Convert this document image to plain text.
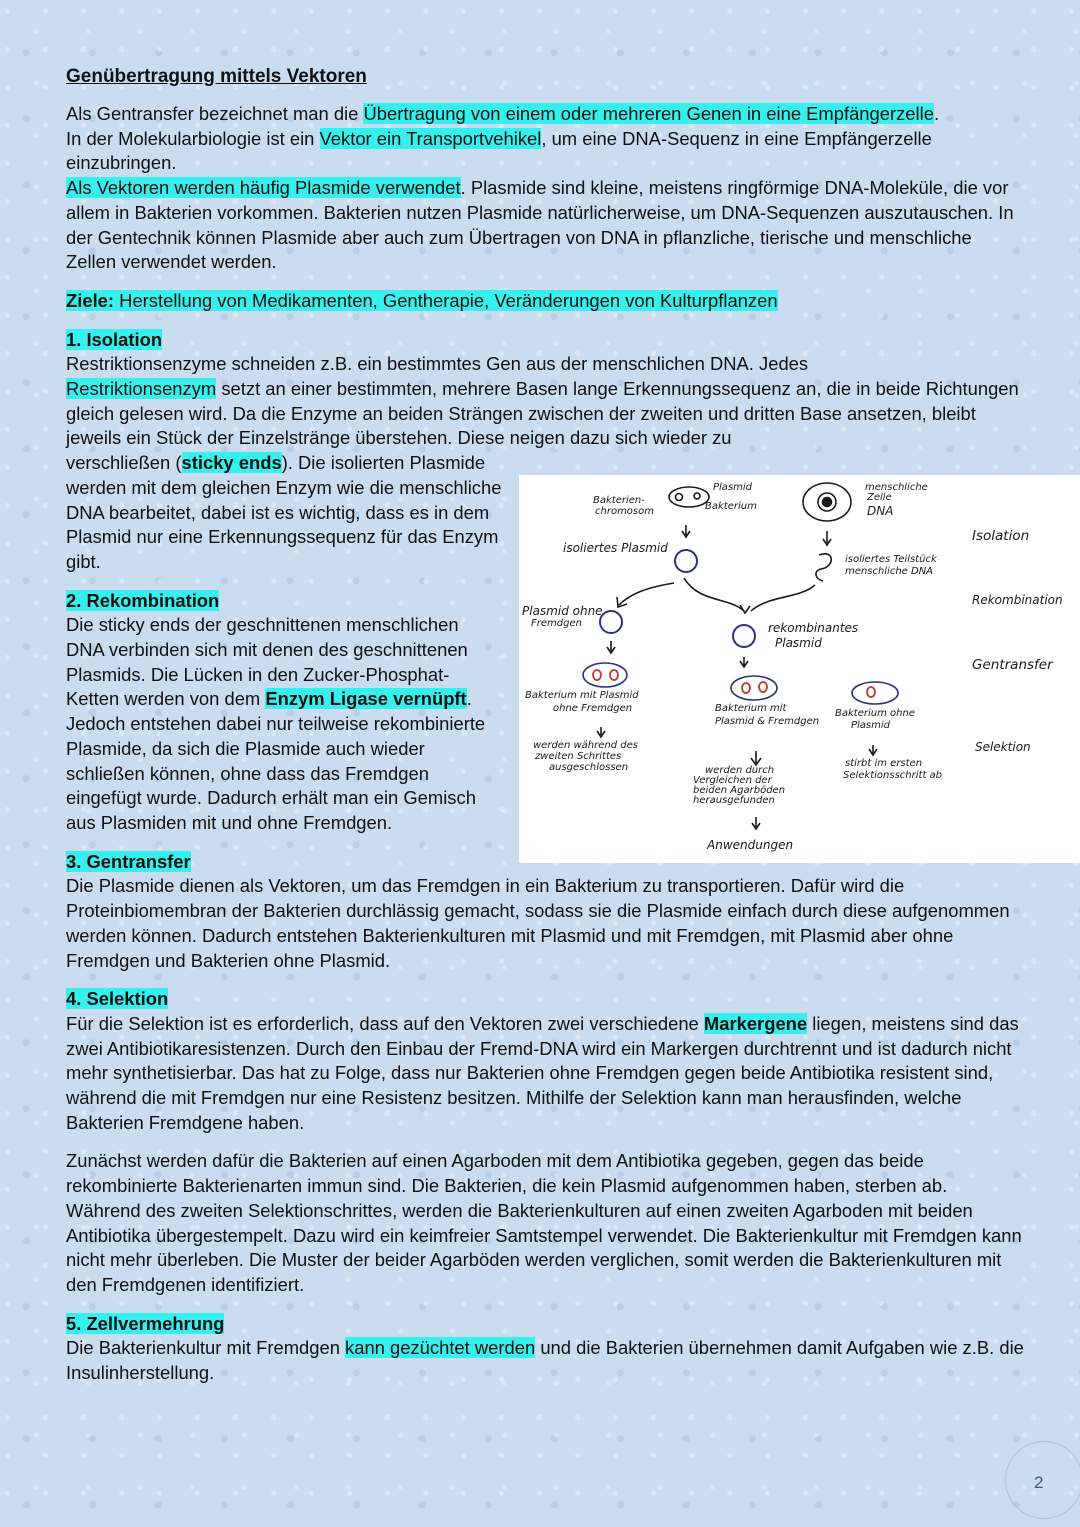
Genübertragung mittels Vektoren

Als Gentransfer bezeichnet man die Übertragung von einem oder mehreren Genen in eine Empfängerzelle.
In der Molekularbiologie ist ein Vektor ein Transportvehikel, um eine DNA-Sequenz in eine Empfängerzelle einzubringen.
Als Vektoren werden häufig Plasmide verwendet. Plasmide sind kleine, meistens ringförmige DNA-Moleküle, die vor allem in Bakterien vorkommen. Bakterien nutzen Plasmide natürlicherweise, um DNA-Sequenzen auszutauschen. In der Gentechnik können Plasmide aber auch zum Übertragen von DNA in pflanzliche, tierische und menschliche Zellen verwendet werden.

Ziele: Herstellung von Medikamenten, Gentherapie, Veränderungen von Kulturpflanzen

1. Isolation

Restriktionsenzyme schneiden z.B. ein bestimmtes Gen aus der menschlichen DNA. Jedes
Restriktionsenzym setzt an einer bestimmten, mehrere Basen lange Erkennungssequenz an, die in beide Richtungen gleich gelesen wird. Da die Enzyme an beiden Strängen zwischen der zweiten und dritten Base ansetzen, bleibt jeweils ein Stück der Einzelstränge überstehen. Diese neigen dazu sich wieder zu

verschließen (sticky ends). Die isolierten Plasmide werden mit dem gleichen Enzym wie die menschliche DNA bearbeitet, dabei ist es wichtig, dass es in dem Plasmid nur eine Erkennungssequenz für das Enzym gibt.

2. Rekombination

Die sticky ends der geschnittenen menschlichen DNA verbinden sich mit denen des geschnittenen Plasmids. Die Lücken in den Zucker-Phosphat-Ketten werden von dem Enzym Ligase vernüpft. Jedoch entstehen dabei nur teilweise rekombinierte Plasmide, da sich die Plasmide auch wieder schließen können, ohne dass das Fremdgen eingefügt wurde. Dadurch erhält man ein Gemisch aus Plasmiden mit und ohne Fremdgen.

3. Gentransfer

Die Plasmide dienen als Vektoren, um das Fremdgen in ein Bakterium zu transportieren. Dafür wird die Proteinbiomembran der Bakterien durchlässig gemacht, sodass sie die Plasmide einfach durch diese aufgenommen werden können. Dadurch entstehen Bakterienkulturen mit Plasmid und mit Fremdgen, mit Plasmid aber ohne Fremdgen und Bakterien ohne Plasmid.

4. Selektion

Für die Selektion ist es erforderlich, dass auf den Vektoren zwei verschiedene Markergene liegen, meistens sind das zwei Antibiotikaresistenzen. Durch den Einbau der Fremd-DNA wird ein Markergen durchtrennt und ist dadurch nicht mehr synthetisierbar. Das hat zu Folge, dass nur Bakterien ohne Fremdgen gegen beide Antibiotika resistent sind, während die mit Fremdgen nur eine Resistenz besitzen. Mithilfe der Selektion kann man herausfinden, welche Bakterien Fremdgene haben.

Zunächst werden dafür die Bakterien auf einen Agarboden mit dem Antibiotika gegeben, gegen das beide rekombinierte Bakterienarten immun sind. Die Bakterien, die kein Plasmid aufgenommen haben, sterben ab. Während des zweiten Selektionschrittes, werden die Bakterienkulturen auf einen zweiten Agarboden mit beiden Antibiotika übergestempelt. Dazu wird ein keimfreier Samtstempel verwendet. Die Bakterienkultur mit Fremdgen kann nicht mehr überleben. Die Muster der beider Agarböden werden verglichen, somit werden die Bakterienkulturen mit den Fremdgenen identifiziert.

5. Zellvermehrung

Die Bakterienkultur mit Fremdgen kann gezüchtet werden und die Bakterien übernehmen damit Aufgaben wie z.B. die Insulinherstellung.

Bakterien-
chromosom
Plasmid
Bakterium
menschliche
Zelle
DNA
isoliertes Plasmid
isoliertes Teilstück
menschliche DNA
Plasmid ohne
Fremdgen	rekombinantes
Plasmid
Bakterium mit Plasmid
ohne Fremdgen	Bakterium mit
Plasmid & Fremdgen
Bakterium ohne
Plasmid
werden während des
zweiten Schrittes
ausgeschlossen	werden durch
Vergleichen der
beiden Agarböden
herausgefunden
stirbt im ersten
Selektionsschritt ab
Anwendungen
Isolation
Rekombination
Gentransfer
Selektion
2
